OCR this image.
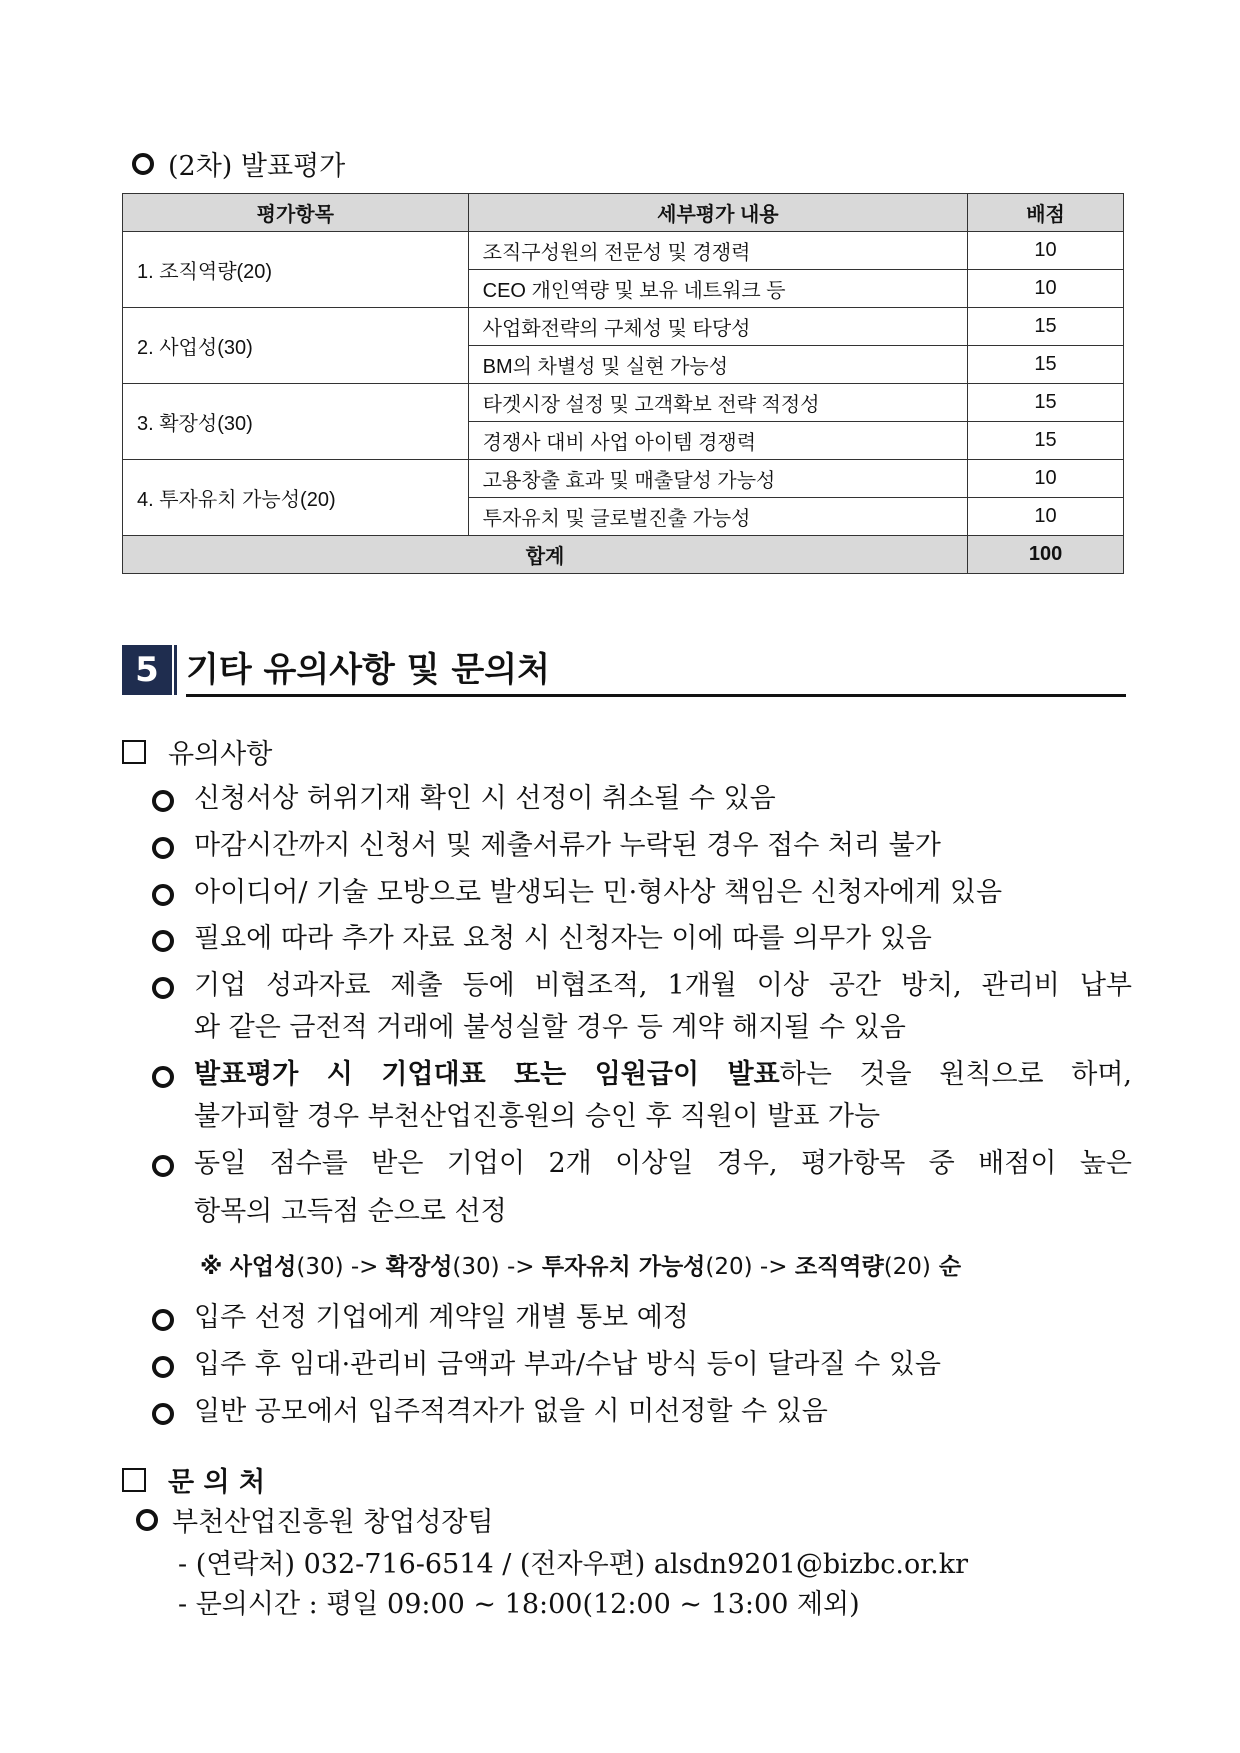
(2차) 발표평가
평가항목	세부평가 내용	배점
1. 조직역량(20)	조직구성원의 전문성 및 경쟁력	10
	CEO 개인역량 및 보유 네트워크 등	10
2. 사업성(30)	사업화전략의 구체성 및 타당성	15
	BM의 차별성 및 실현 가능성	15
3. 확장성(30)	타겟시장 설정 및 고객확보 전략 적정성	15
	경쟁사 대비 사업 아이템 경쟁력	15
4. 투자유치 가능성(20)	고용창출 효과 및 매출달성 가능성	10
	투자유치 및 글로벌진출 가능성	10
합계		100
5 기타 유의사항 및 문의처
유의사항
신청서상 허위기재 확인 시 선정이 취소될 수 있음
마감시간까지 신청서 및 제출서류가 누락된 경우 접수 처리 불가
아이디어/ 기술 모방으로 발생되는 민·형사상 책임은 신청자에게 있음
필요에 따라 추가 자료 요청 시 신청자는 이에 따를 의무가 있음
기업 성과자료 제출 등에 비협조적, 1개월 이상 공간 방치, 관리비 납부
와 같은 금전적 거래에 불성실할 경우 등 계약 해지될 수 있음
발표평가 시 기업대표 또는 임원급이 발표하는 것을 원칙으로 하며,
불가피할 경우 부천산업진흥원의 승인 후 직원이 발표 가능
동일 점수를 받은 기업이 2개 이상일 경우, 평가항목 중 배점이 높은
항목의 고득점 순으로 선정
※ 사업성(30) -> 확장성(30) -> 투자유치 가능성(20) -> 조직역량(20) 순
입주 선정 기업에게 계약일 개별 통보 예정
입주 후 임대·관리비 금액과 부과/수납 방식 등이 달라질 수 있음
일반 공모에서 입주적격자가 없을 시 미선정할 수 있음
문 의 처
부천산업진흥원 창업성장팀
- (연락처) 032-716-6514 / (전자우편) alsdn9201@bizbc.or.kr
- 문의시간 : 평일 09:00 ~ 18:00(12:00 ~ 13:00 제외)
